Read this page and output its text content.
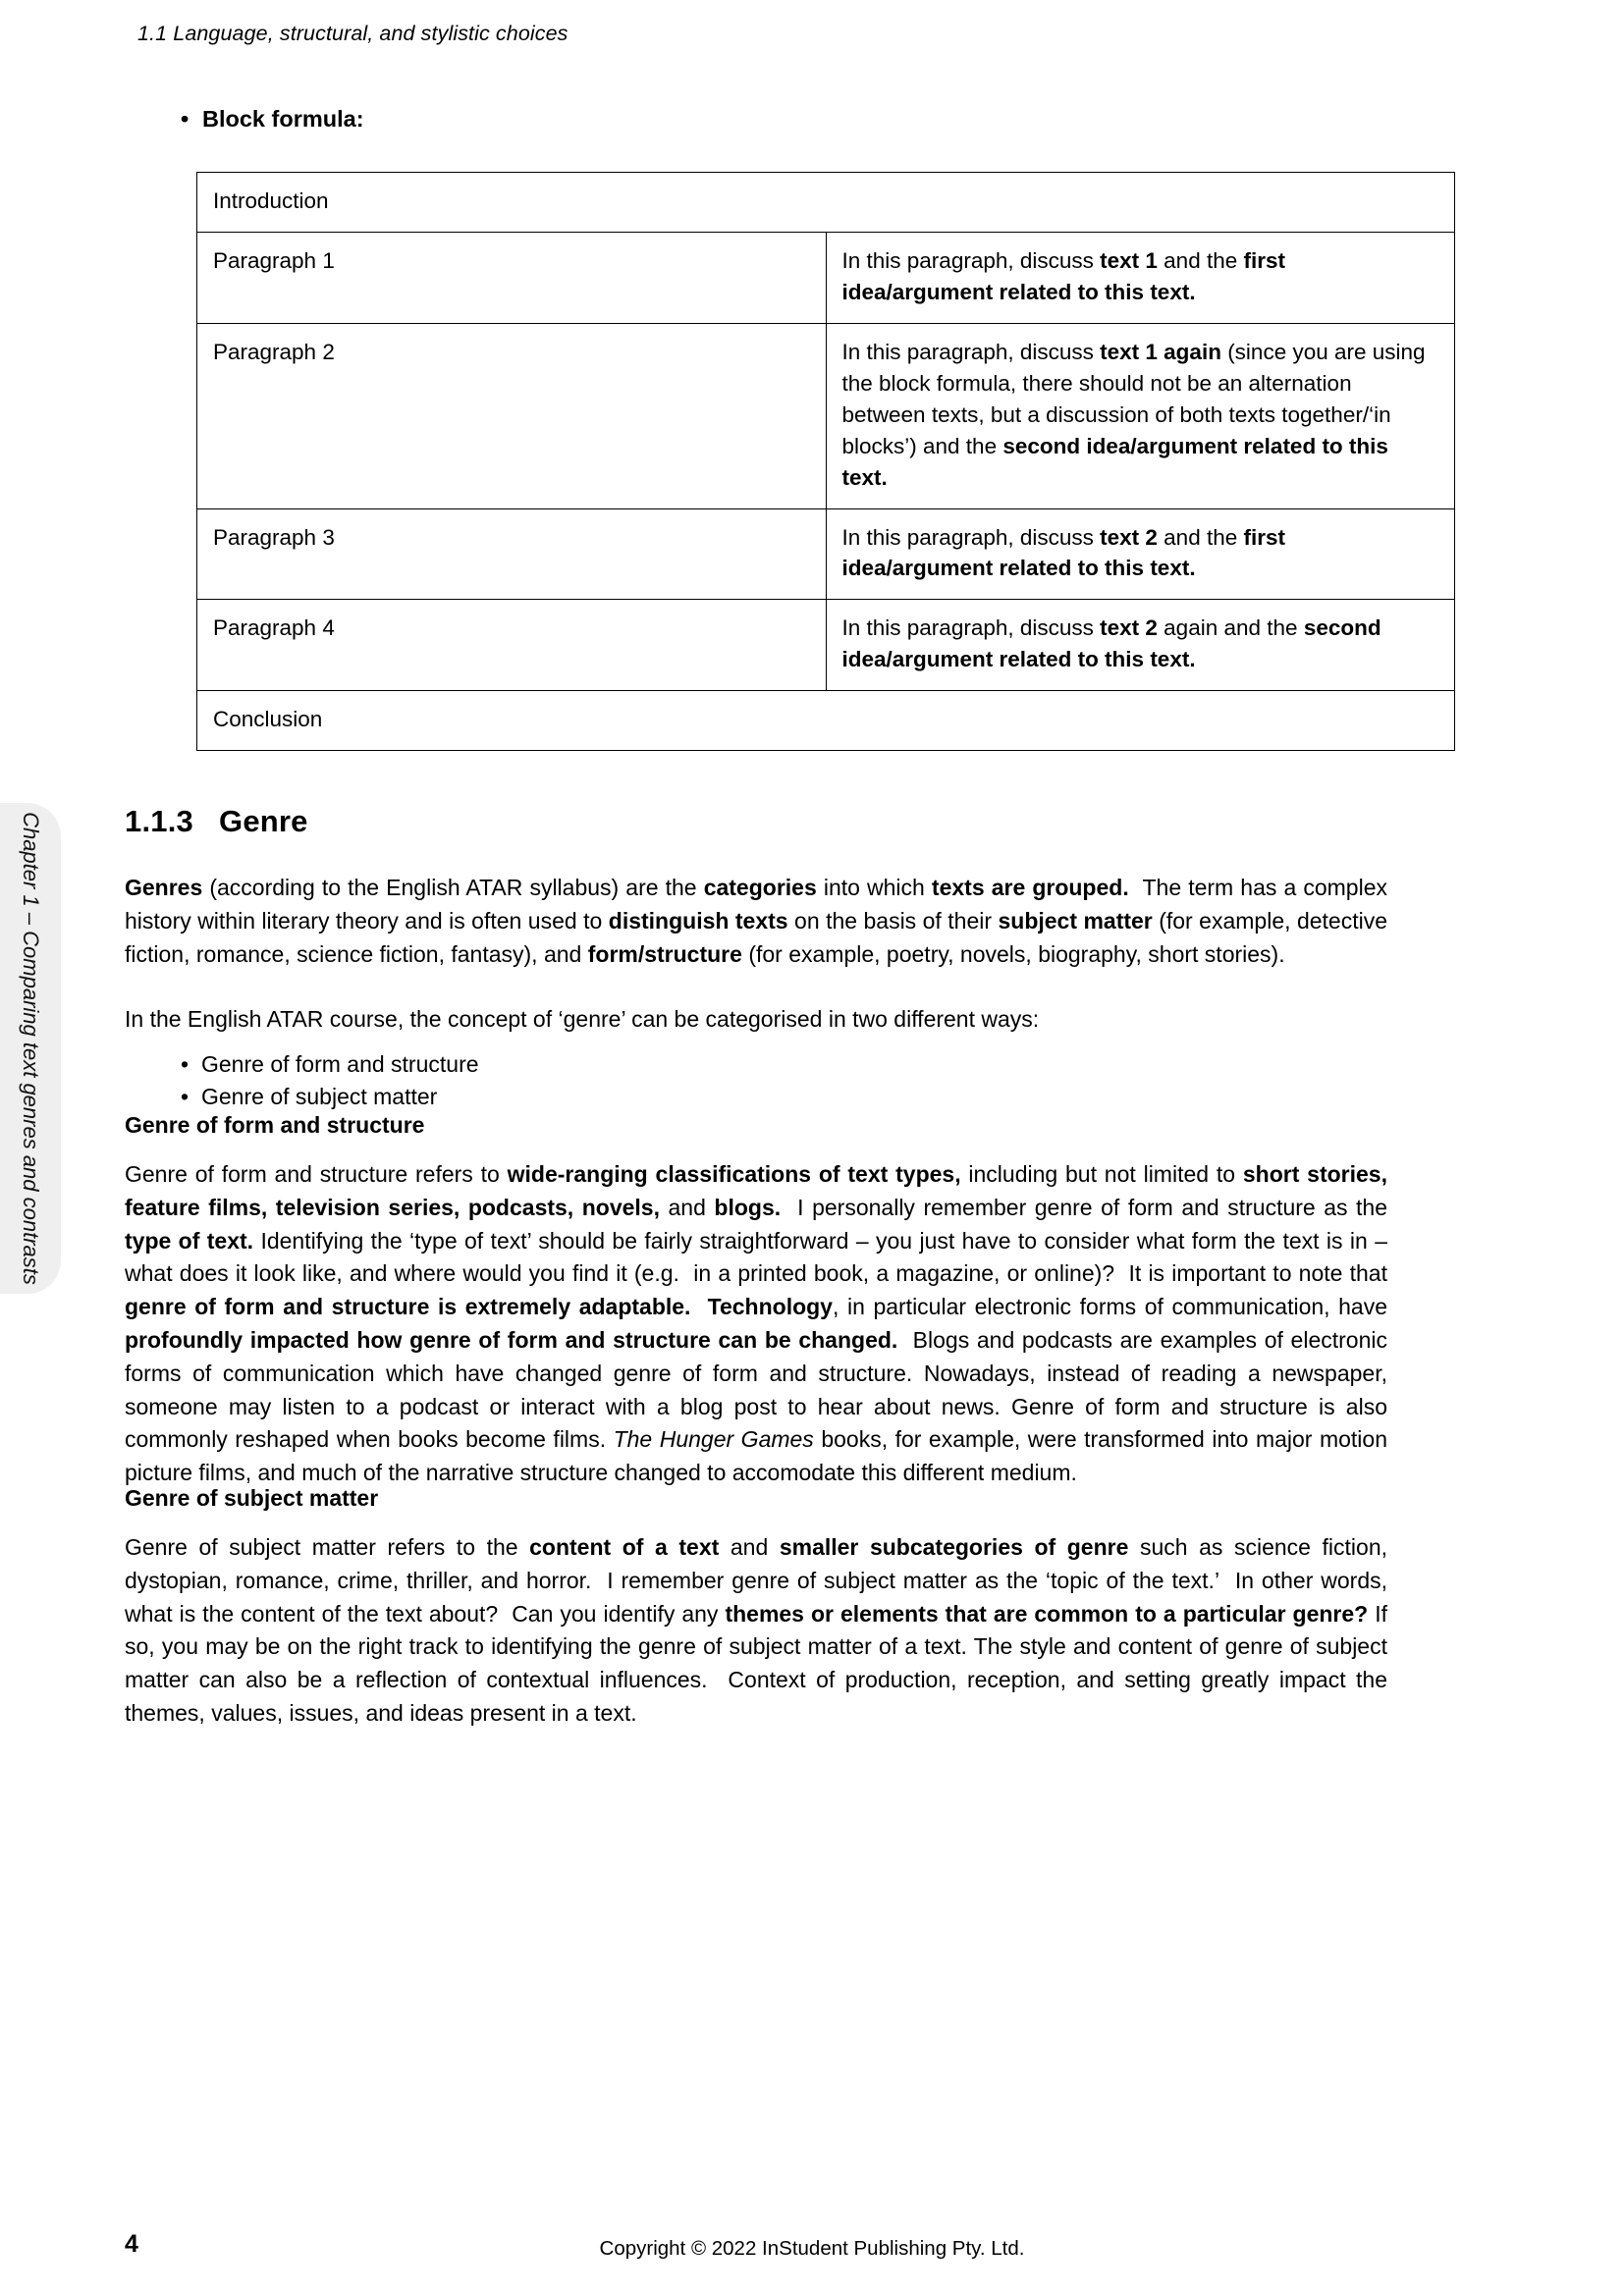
1.1 Language, structural, and stylistic choices
Chapter 1 – Comparing text genres and contrasts
• Block formula:
Introduction	
Paragraph 1	In this paragraph, discuss text 1 and the first idea/argument related to this text.
Paragraph 2	In this paragraph, discuss text 1 again (since you are using the block formula, there should not be an alternation between texts, but a discussion of both texts together/‘in blocks’) and the second idea/argument related to this text.
Paragraph 3	In this paragraph, discuss text 2 and the first idea/argument related to this text.
Paragraph 4	In this paragraph, discuss text 2 again and the second idea/argument related to this text.
Conclusion	
1.1.3 Genre
Genres (according to the English ATAR syllabus) are the categories into which texts are grouped.  The term has a complex history within literary theory and is often used to distinguish texts on the basis of their subject matter (for example, detective fiction, romance, science fiction, fantasy), and form/structure (for example, poetry, novels, biography, short stories).
In the English ATAR course, the concept of ‘genre’ can be categorised in two different ways:
• Genre of form and structure
• Genre of subject matter
Genre of form and structure
Genre of form and structure refers to wide-ranging classifications of text types, including but not limited to short stories, feature films, television series, podcasts, novels, and blogs.  I personally remember genre of form and structure as the type of text. Identifying the ‘type of text’ should be fairly straightforward – you just have to consider what form the text is in – what does it look like, and where would you find it (e.g.  in a printed book, a magazine, or online)?  It is important to note that genre of form and structure is extremely adaptable. Technology, in particular electronic forms of communication, have profoundly impacted how genre of form and structure can be changed.  Blogs and podcasts are examples of electronic forms of communication which have changed genre of form and structure. Nowadays, instead of reading a newspaper, someone may listen to a podcast or interact with a blog post to hear about news. Genre of form and structure is also commonly reshaped when books become films. The Hunger Games books, for example, were transformed into major motion picture films, and much of the narrative structure changed to accomodate this different medium.
Genre of subject matter
Genre of subject matter refers to the content of a text and smaller subcategories of genre such as science fiction, dystopian, romance, crime, thriller, and horror.  I remember genre of subject matter as the ‘topic of the text.’  In other words, what is the content of the text about?  Can you identify any themes or elements that are common to a particular genre? If so, you may be on the right track to identifying the genre of subject matter of a text. The style and content of genre of subject matter can also be a reflection of contextual influences.  Context of production, reception, and setting greatly impact the themes, values, issues, and ideas present in a text.
4	Copyright © 2022 InStudent Publishing Pty. Ltd.
